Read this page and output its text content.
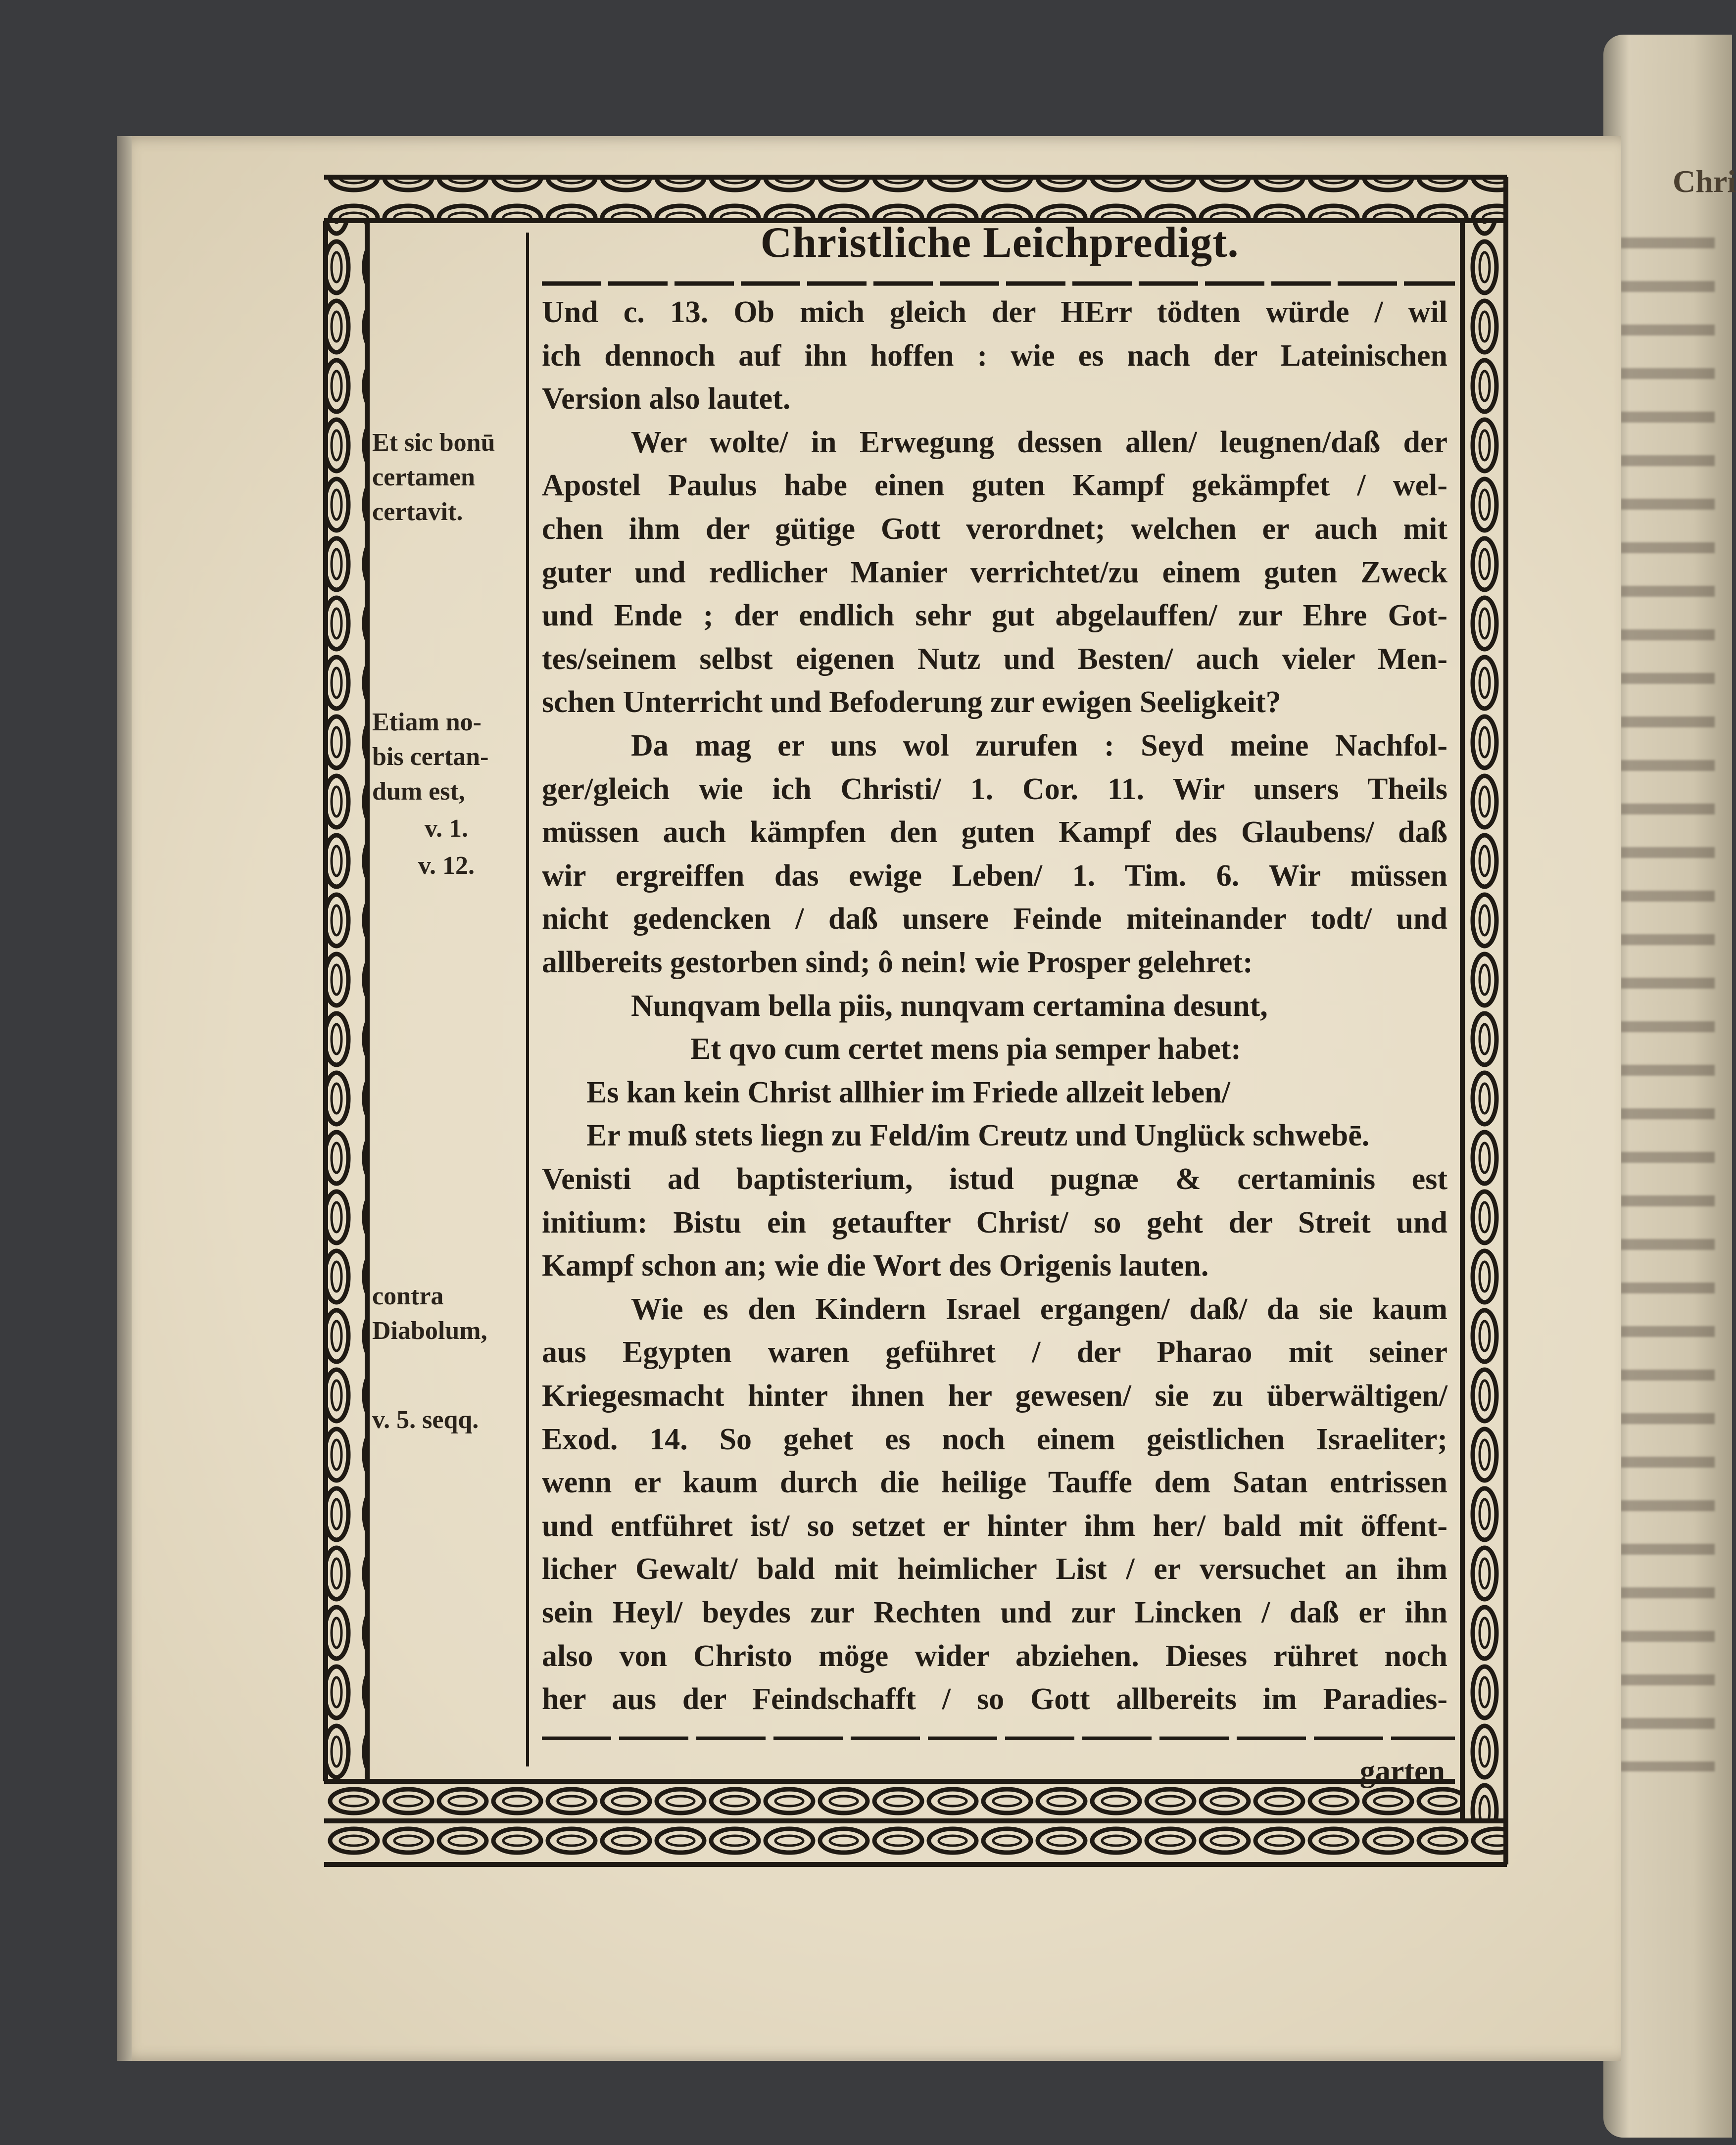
Chri
Christliche Leichpredigt.
Et sic bonū
certamen
certavit.
Etiam no-
bis certan-
dum est,
v. 1.
v. 12.
contra
Diabolum,
v. 5. seqq.
Und c. 13. Ob mich gleich der HErr tödten würde / wil
ich dennoch auf ihn hoffen : wie es nach der Lateinischen
Version also lautet.
Wer wolte/ in Erwegung dessen allen/ leugnen/daß der
Apostel Paulus habe einen guten Kampf gekämpfet / wel-
chen ihm der gütige Gott verordnet; welchen er auch mit
guter und redlicher Manier verrichtet/zu einem guten Zweck
und Ende ; der endlich sehr gut abgelauffen/ zur Ehre Got-
tes/seinem selbst eigenen Nutz und Besten/ auch vieler Men-
schen Unterricht und Befoderung zur ewigen Seeligkeit?
Da mag er uns wol zurufen : Seyd meine Nachfol-
ger/gleich wie ich Christi/ 1. Cor. 11. Wir unsers Theils
müssen auch kämpfen den guten Kampf des Glaubens/ daß
wir ergreiffen das ewige Leben/ 1. Tim. 6. Wir müssen
nicht gedencken / daß unsere Feinde miteinander todt/ und
allbereits gestorben sind; ô nein! wie Prosper gelehret:
Nunqvam bella piis, nunqvam certamina desunt,
Et qvo cum certet mens pia semper habet:
Es kan kein Christ allhier im Friede allzeit leben/
Er muß stets liegn zu Feld/im Creutz und Unglück schwebē.
Venisti ad baptisterium, istud pugnæ & certaminis est
initium: Bistu ein getaufter Christ/ so geht der Streit und
Kampf schon an; wie die Wort des Origenis lauten.
Wie es den Kindern Israel ergangen/ daß/ da sie kaum
aus Egypten waren geführet / der Pharao mit seiner
Kriegesmacht hinter ihnen her gewesen/ sie zu überwältigen/
Exod. 14. So gehet es noch einem geistlichen Israeliter;
wenn er kaum durch die heilige Tauffe dem Satan entrissen
und entführet ist/ so setzet er hinter ihm her/ bald mit öffent-
licher Gewalt/ bald mit heimlicher List / er versuchet an ihm
sein Heyl/ beydes zur Rechten und zur Lincken / daß er ihn
also von Christo möge wider abziehen. Dieses rühret noch
her aus der Feindschafft / so Gott allbereits im Paradies-
garten
